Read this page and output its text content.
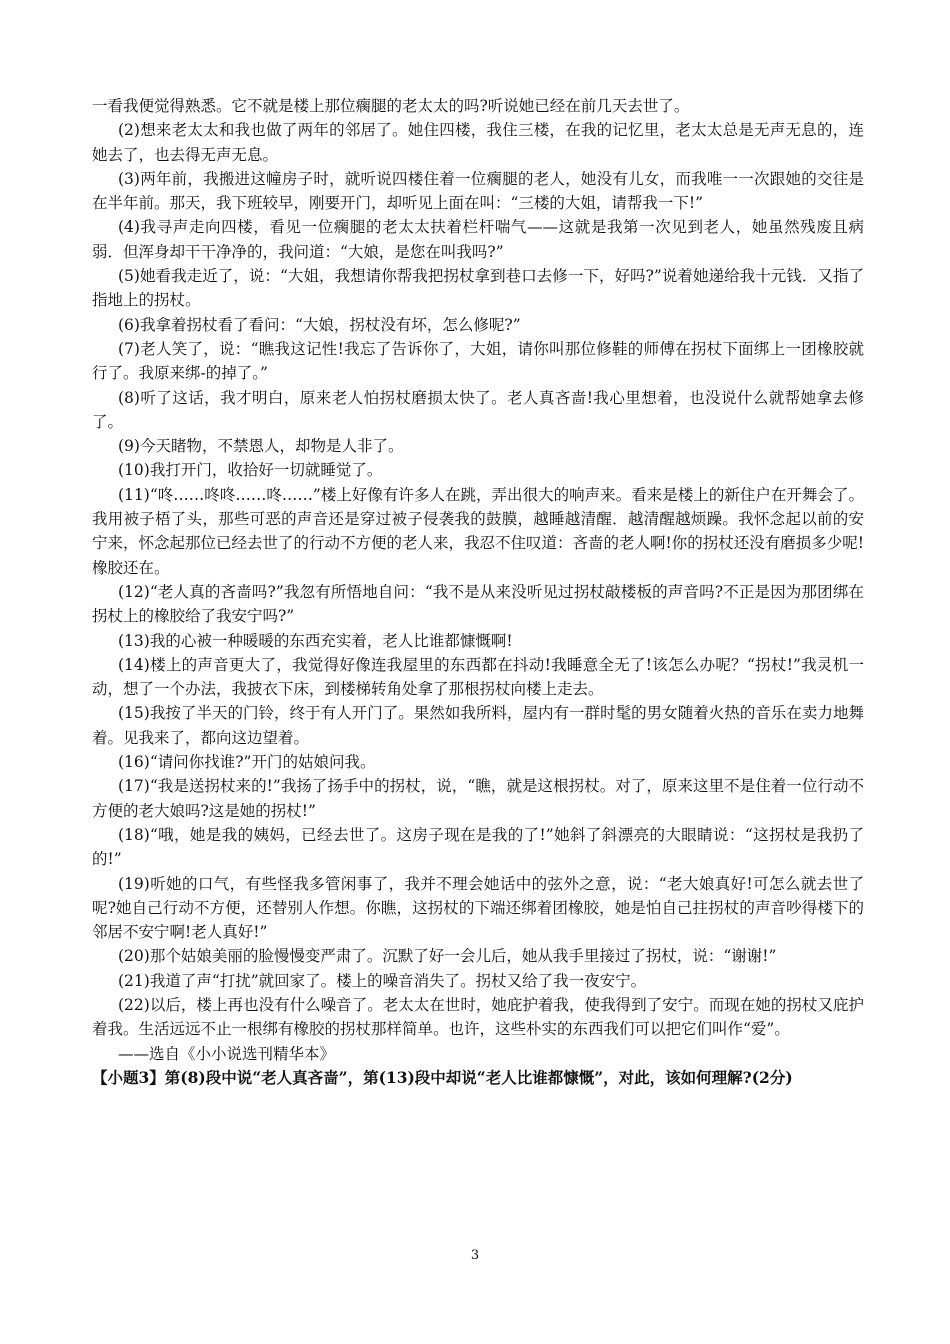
一看我便觉得熟悉。它不就是楼上那位瘸腿的老太太的吗?听说她已经在前几天去世了。

(2)想来老太太和我也做了两年的邻居了。她住四楼，我住三楼，在我的记忆里，老太太总是无声无息的，连她去了，也去得无声无息。

(3)两年前，我搬进这幢房子时，就听说四楼住着一位瘸腿的老人，她没有儿女，而我唯一一次跟她的交往是在半年前。那天，我下班较早，刚要开门，却听见上面在叫：“三楼的大姐，请帮我一下!”

(4)我寻声走向四楼，看见一位瘸腿的老太太扶着栏杆喘气——这就是我第一次见到老人，她虽然残废且病弱．但浑身却干干净净的，我问道：“大娘，是您在叫我吗?”

(5)她看我走近了，说：“大姐，我想请你帮我把拐杖拿到巷口去修一下，好吗?”说着她递给我十元钱．又指了指地上的拐杖。

(6)我拿着拐杖看了看问：“大娘，拐杖没有坏，怎么修呢?”

(7)老人笑了，说：“瞧我这记性!我忘了告诉你了，大姐，请你叫那位修鞋的师傅在拐杖下面绑上一团橡胶就行了。我原来绑-的掉了。”

(8)听了这话，我才明白，原来老人怕拐杖磨损太快了。老人真吝啬!我心里想着，也没说什么就帮她拿去修了。

(9)今天睹物，不禁恩人，却物是人非了。

(10)我打开门，收拾好一切就睡觉了。

(11)“咚……咚咚……咚……”楼上好像有许多人在跳，弄出很大的响声来。看来是楼上的新住户在开舞会了。我用被子梧了头，那些可恶的声音还是穿过被子侵袭我的鼓膜，越睡越清醒．越清醒越烦躁。我怀念起以前的安宁来，怀念起那位已经去世了的行动不方便的老人来，我忍不住叹道：吝啬的老人啊!你的拐杖还没有磨损多少呢!橡胶还在。

(12)“老人真的吝啬吗?”我忽有所悟地自问：“我不是从来没听见过拐杖敲楼板的声音吗?不正是因为那团绑在拐杖上的橡胶给了我安宁吗?”

(13)我的心被一种暖暖的东西充实着，老人比谁都慷慨啊!

(14)楼上的声音更大了，我觉得好像连我屋里的东西都在抖动!我睡意全无了!该怎么办呢？“拐杖!”我灵机一动，想了一个办法，我披衣下床，到楼梯转角处拿了那根拐杖向楼上走去。

(15)我按了半天的门铃，终于有人开门了。果然如我所料，屋内有一群时髦的男女随着火热的音乐在卖力地舞着。见我来了，都向这边望着。

(16)“请问你找谁?”开门的姑娘问我。

(17)“我是送拐杖来的!”我扬了扬手中的拐杖，说，“瞧，就是这根拐杖。对了，原来这里不是住着一位行动不方便的老大娘吗?这是她的拐杖!”

(18)“哦，她是我的姨妈，已经去世了。这房子现在是我的了!”她斜了斜漂亮的大眼睛说：“这拐杖是我扔了的!”

(19)听她的口气，有些怪我多管闲事了，我并不理会她话中的弦外之意，说：“老大娘真好!可怎么就去世了呢?她自己行动不方便，还替别人作想。你瞧，这拐杖的下端还绑着团橡胶，她是怕自己拄拐杖的声音吵得楼下的邻居不安宁啊!老人真好!”

(20)那个姑娘美丽的脸慢慢变严肃了。沉默了好一会儿后，她从我手里接过了拐杖，说：“谢谢!”

(21)我道了声“打扰”就回家了。楼上的噪音消失了。拐杖又给了我一夜安宁。

(22)以后，楼上再也没有什么噪音了。老太太在世时，她庇护着我，使我得到了安宁。而现在她的拐杖又庇护着我。生活远远不止一根绑有橡胶的拐杖那样简单。也许，这些朴实的东西我们可以把它们叫作“爱”。

——选自《小小说选刊精华本》

【小题3】第(8)段中说“老人真吝啬”，第(13)段中却说“老人比谁都慷慨”，对此，该如何理解?(2分)

3
